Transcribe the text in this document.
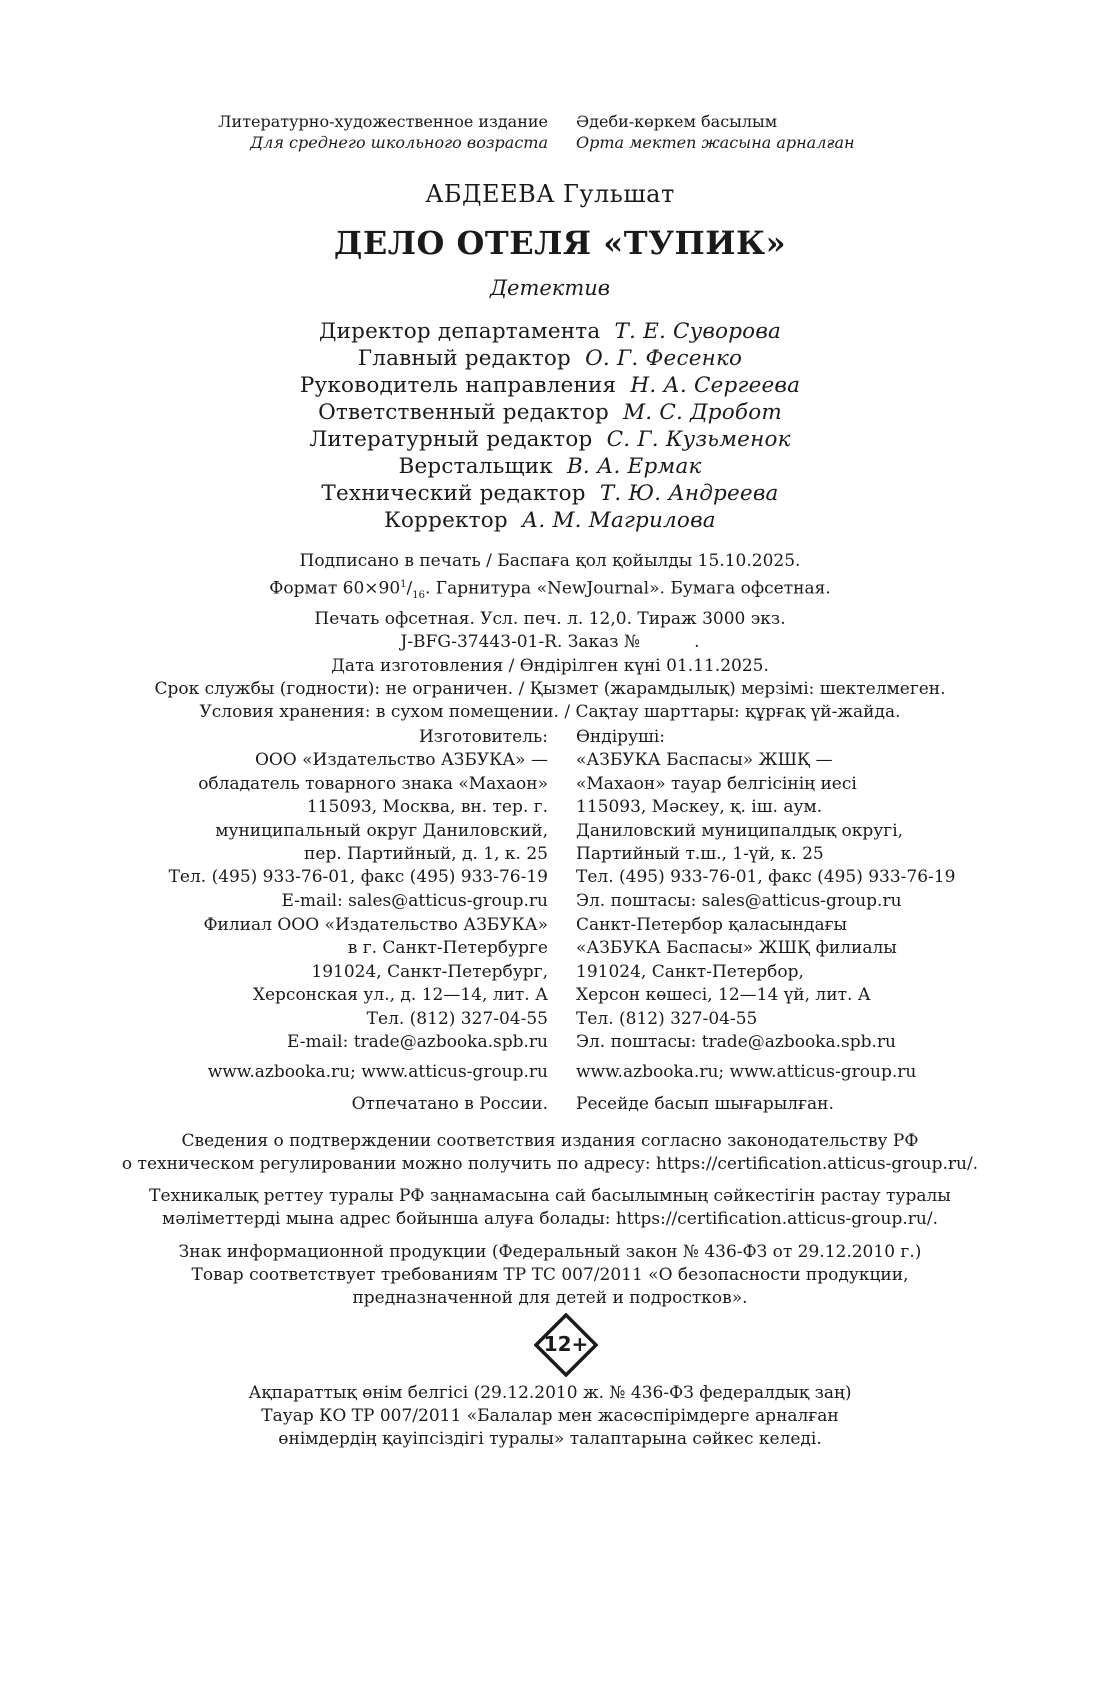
Литературно-художественное издание
Для среднего школьного возраста
Әдеби-көркем басылым
Орта мектеп жасына арналған
АБДЕЕВА Гульшат
ДЕЛО ОТЕЛЯ «ТУПИК»
Детектив
Директор департамента Т. Е. Суворова
Главный редактор О. Г. Фесенко
Руководитель направления Н. А. Сергеева
Ответственный редактор М. С. Дробот
Литературный редактор С. Г. Кузьменок
Верстальщик В. А. Ермак
Технический редактор Т. Ю. Андреева
Корректор А. М. Магрилова
Подписано в печать / Баспаға қол қойылды 15.10.2025.
Формат $60\times 90^1/_{16}$. Гарнитура «NewJournal». Бумага офсетная.
Печать офсетная. Усл. печ. л. 12,0. Тираж 3000 экз.
J-BFG-37443-01-R. Заказ №          .
Дата изготовления / Өндірілген күні 01.11.2025.
Срок службы (годности): не ограничен. / Қызмет (жарамдылық) мерзімі: шектелмеген.
Условия хранения: в сухом помещении. / Сақтау шарттары: құрғақ үй-жайда.
Изготовитель:
ООО «Издательство АЗБУКА» —
обладатель товарного знака «Махаон»
115093, Москва, вн. тер. г.
муниципальный округ Даниловский,
пер. Партийный, д. 1, к. 25
Тел. (495) 933-76-01, факс (495) 933-76-19
E-mail: sales@atticus-group.ru
Өндіруші:
«АЗБУКА Баспасы» ЖШҚ —
«Махаон» тауар белгісінің иесі
115093, Мәскеу, қ. іш. аум.
Даниловский муниципалдық округі,
Партийный т.ш., 1-үй, к. 25
Тел. (495) 933-76-01, факс (495) 933-76-19
Эл. поштасы: sales@atticus-group.ru
Филиал ООО «Издательство АЗБУКА»
в г. Санкт-Петербурге
191024, Санкт-Петербург,
Херсонская ул., д. 12—14, лит. А
Тел. (812) 327-04-55
E-mail: trade@azbooka.spb.ru
Санкт-Петербор қаласындағы
«АЗБУКА Баспасы» ЖШҚ филиалы
191024, Санкт-Петербор,
Херсон көшесі, 12—14 үй, лит. А
Тел. (812) 327-04-55
Эл. поштасы: trade@azbooka.spb.ru
www.azbooka.ru; www.atticus-group.ru www.azbooka.ru; www.atticus-group.ru
Отпечатано в России. Ресейде басып шығарылған.
Сведения о подтверждении соответствия издания согласно законодательству РФ
о техническом регулировании можно получить по адресу: https://certification.atticus-group.ru/.
Техникалық реттеу туралы РФ заңнамасына сай басылымның сәйкестігін растау туралы
мәліметтерді мына адрес бойынша алуға болады: https://certification.atticus-group.ru/.
Знак информационной продукции (Федеральный закон № 436-ФЗ от 29.12.2010 г.)
Товар соответствует требованиям ТР ТС 007/2011 «О безопасности продукции,
предназначенной для детей и подростков».
12+
Ақпараттық өнім белгісі (29.12.2010 ж. № 436-ФЗ федералдық заң)
Тауар КО ТР 007/2011 «Балалар мен жасөспірімдерге арналған
өнімдердің қауіпсіздігі туралы» талаптарына сәйкес келеді.
